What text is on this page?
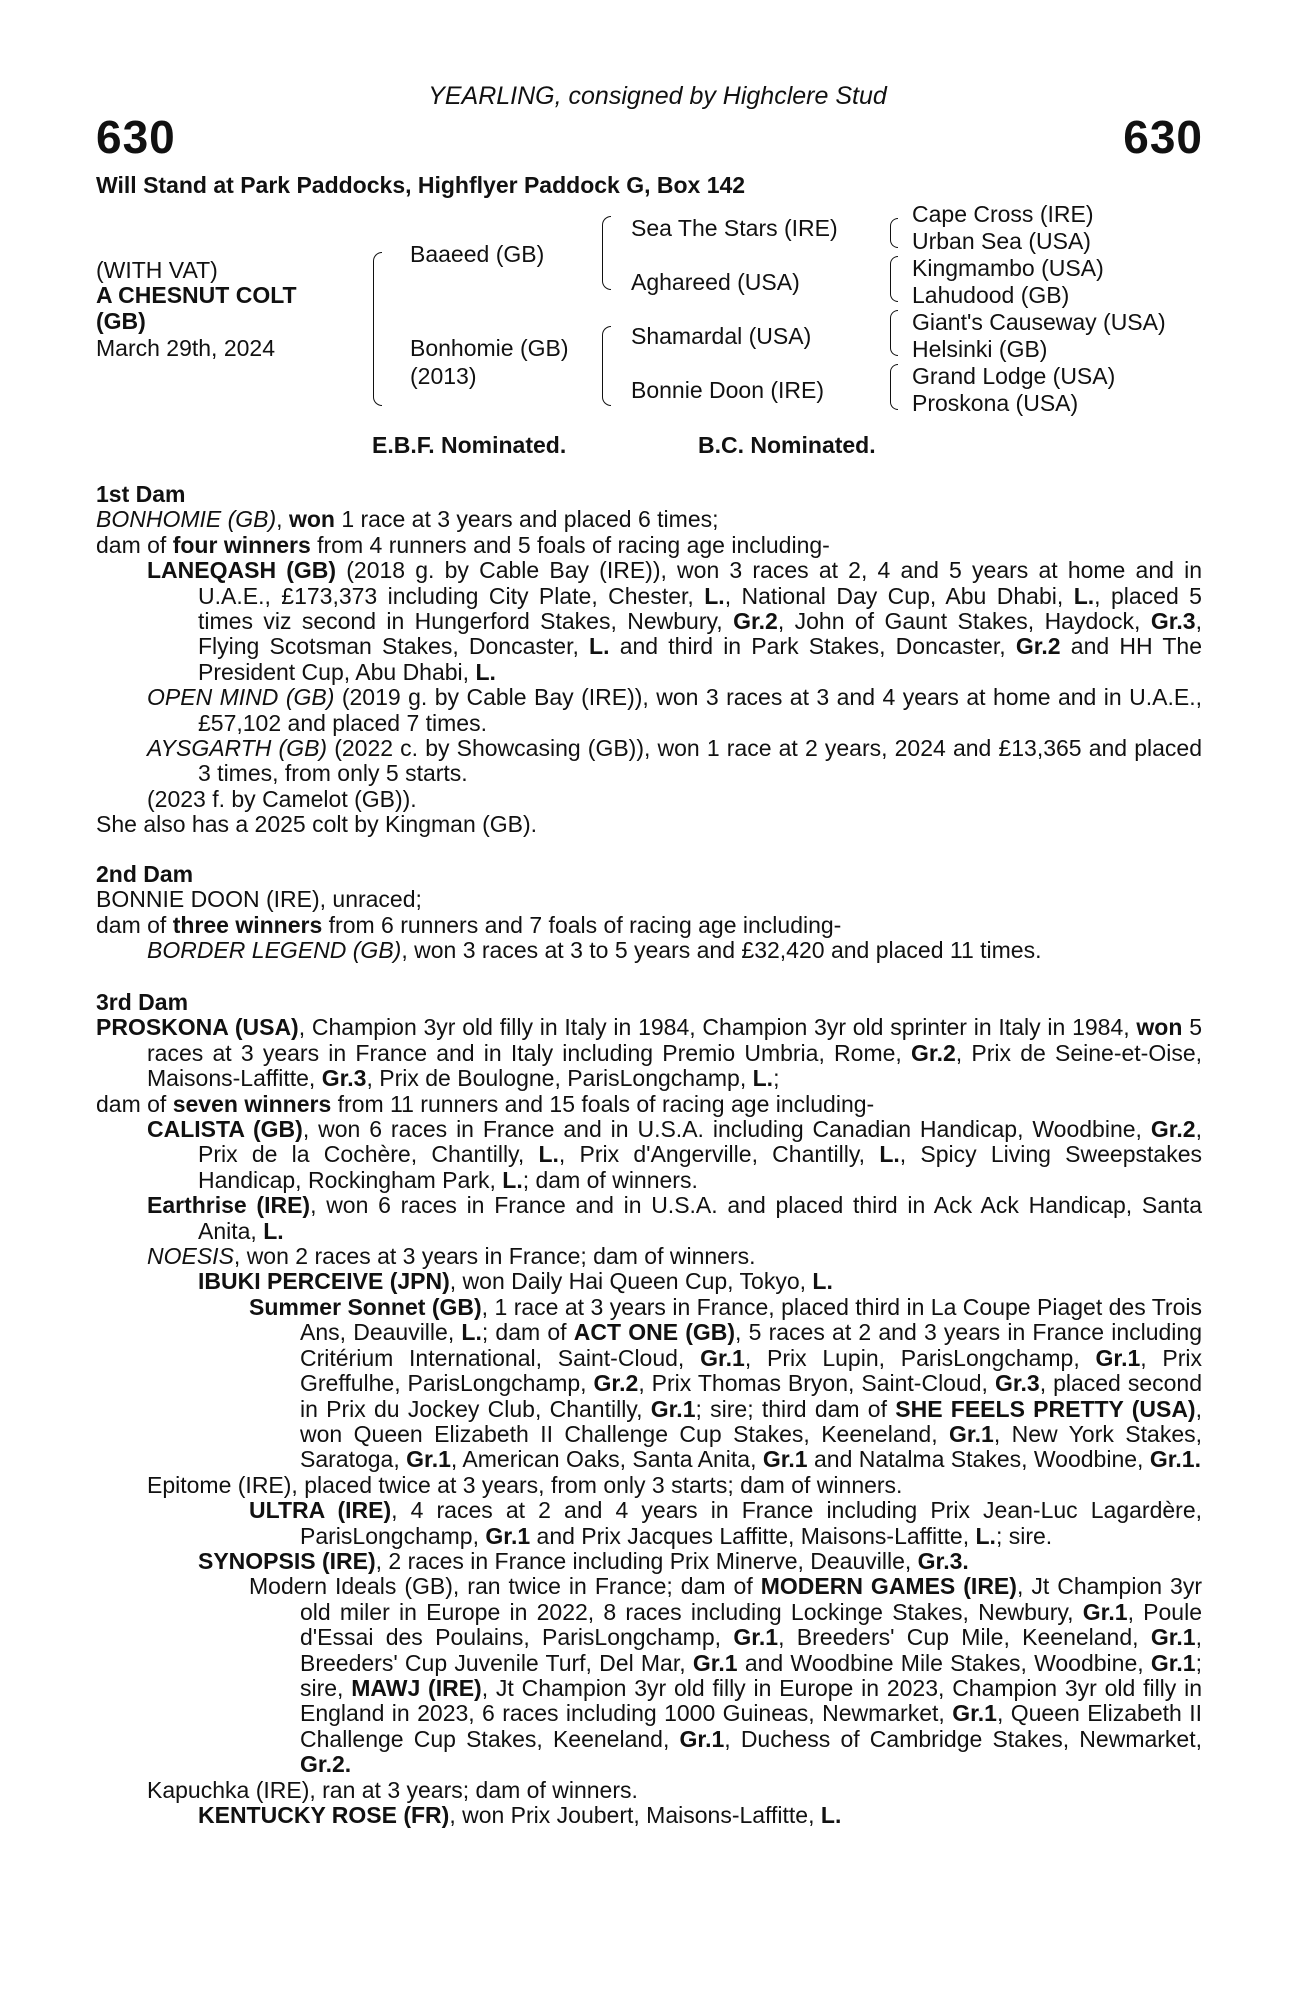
YEARLING, consigned by Highclere Stud
630	630
Will Stand at Park Paddocks, Highflyer Paddock G, Box 142
(WITH VAT)
A CHESNUT COLT
(GB)
March 29th, 2024
Baaeed (GB)
Bonhomie (GB)
(2013)
Sea The Stars (IRE)
Aghareed (USA)
Shamardal (USA)
Bonnie Doon (IRE)
Cape Cross (IRE)
Urban Sea (USA)
Kingmambo (USA)
Lahudood (GB)
Giant's Causeway (USA)
Helsinki (GB)
Grand Lodge (USA)
Proskona (USA)
E.B.F. Nominated.	B.C. Nominated.

1st Dam

BONHOMIE (GB), won 1 race at 3 years and placed 6 times;

dam of four winners from 4 runners and 5 foals of racing age including-

LANEQASH (GB) (2018 g. by Cable Bay (IRE)), won 3 races at 2, 4 and 5 years at home and in U.A.E., £173,373 including City Plate, Chester, L., National Day Cup, Abu Dhabi, L., placed 5 times viz second in Hungerford Stakes, Newbury, Gr.2, John of Gaunt Stakes, Haydock, Gr.3, Flying Scotsman Stakes, Doncaster, L. and third in Park Stakes, Doncaster, Gr.2 and HH The President Cup, Abu Dhabi, L.

OPEN MIND (GB) (2019 g. by Cable Bay (IRE)), won 3 races at 3 and 4 years at home and in U.A.E., £57,102 and placed 7 times.

AYSGARTH (GB) (2022 c. by Showcasing (GB)), won 1 race at 2 years, 2024 and £13,365 and placed 3 times, from only 5 starts.

(2023 f. by Camelot (GB)).

She also has a 2025 colt by Kingman (GB).

2nd Dam

BONNIE DOON (IRE), unraced;

dam of three winners from 6 runners and 7 foals of racing age including-

BORDER LEGEND (GB), won 3 races at 3 to 5 years and £32,420 and placed 11 times.

3rd Dam

PROSKONA (USA), Champion 3yr old filly in Italy in 1984, Champion 3yr old sprinter in Italy in 1984, won 5 races at 3 years in France and in Italy including Premio Umbria, Rome, Gr.2, Prix de Seine-et-Oise, Maisons-Laffitte, Gr.3, Prix de Boulogne, ParisLongchamp, L.;

dam of seven winners from 11 runners and 15 foals of racing age including-

CALISTA (GB), won 6 races in France and in U.S.A. including Canadian Handicap, Woodbine, Gr.2, Prix de la Cochère, Chantilly, L., Prix d'Angerville, Chantilly, L., Spicy Living Sweepstakes Handicap, Rockingham Park, L.; dam of winners.

Earthrise (IRE), won 6 races in France and in U.S.A. and placed third in Ack Ack Handicap, Santa Anita, L.

NOESIS, won 2 races at 3 years in France; dam of winners.

IBUKI PERCEIVE (JPN), won Daily Hai Queen Cup, Tokyo, L.

Summer Sonnet (GB), 1 race at 3 years in France, placed third in La Coupe Piaget des Trois Ans, Deauville, L.; dam of ACT ONE (GB), 5 races at 2 and 3 years in France including Critérium International, Saint-Cloud, Gr.1, Prix Lupin, ParisLongchamp, Gr.1, Prix Greffulhe, ParisLongchamp, Gr.2, Prix Thomas Bryon, Saint-Cloud, Gr.3, placed second in Prix du Jockey Club, Chantilly, Gr.1; sire; third dam of SHE FEELS PRETTY (USA), won Queen Elizabeth II Challenge Cup Stakes, Keeneland, Gr.1, New York Stakes, Saratoga, Gr.1, American Oaks, Santa Anita, Gr.1 and Natalma Stakes, Woodbine, Gr.1.

Epitome (IRE), placed twice at 3 years, from only 3 starts; dam of winners.

ULTRA (IRE), 4 races at 2 and 4 years in France including Prix Jean-Luc Lagardère, ParisLongchamp, Gr.1 and Prix Jacques Laffitte, Maisons-Laffitte, L.; sire.

SYNOPSIS (IRE), 2 races in France including Prix Minerve, Deauville, Gr.3.

Modern Ideals (GB), ran twice in France; dam of MODERN GAMES (IRE), Jt Champion 3yr old miler in Europe in 2022, 8 races including Lockinge Stakes, Newbury, Gr.1, Poule d'Essai des Poulains, ParisLongchamp, Gr.1, Breeders' Cup Mile, Keeneland, Gr.1, Breeders' Cup Juvenile Turf, Del Mar, Gr.1 and Woodbine Mile Stakes, Woodbine, Gr.1; sire, MAWJ (IRE), Jt Champion 3yr old filly in Europe in 2023, Champion 3yr old filly in England in 2023, 6 races including 1000 Guineas, Newmarket, Gr.1, Queen Elizabeth II Challenge Cup Stakes, Keeneland, Gr.1, Duchess of Cambridge Stakes, Newmarket, Gr.2.

Kapuchka (IRE), ran at 3 years; dam of winners.

KENTUCKY ROSE (FR), won Prix Joubert, Maisons-Laffitte, L.
